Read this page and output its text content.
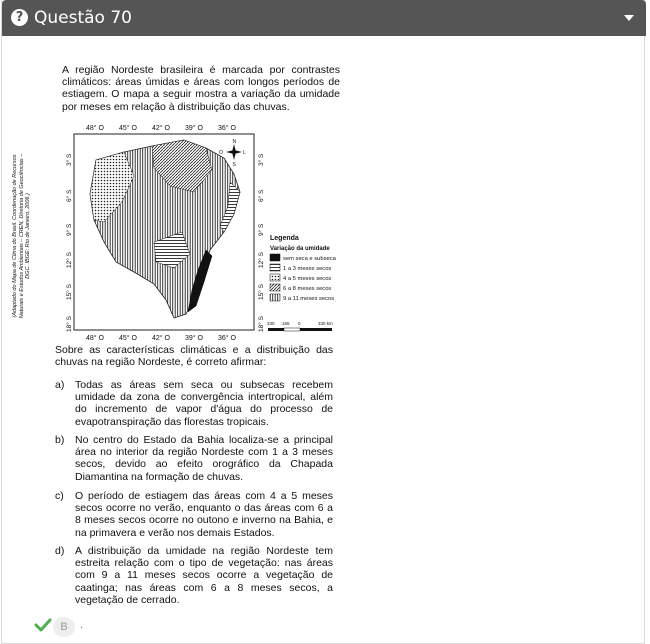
? Questão 70
A região Nordeste brasileira é marcada por contrastes climáticos: áreas úmidas e áreas com longos períodos de estiagem. O mapa a seguir mostra a variação da umidade por meses em relação à distribuição das chuvas.
48° O 45° O 42° O 39° O 36° O
48° O 45° O 42° O 39° O 36° O
3° S
6° S
9° S
12° S
15° S
18° S
3° S
6° S
9° S
12° S
15° S
18° S
(Adaptado do Mapa de Clima do Brasil. Coordenação de Recursos Naturais e Estudos Ambientais – CREN, Diretoria de Geociências – DGC. IBGE: Rio de Janeiro, 2006.)
N
S
L
O
Legenda
Variação da umidade
sem seca e subseca
1 a 3 meses secos
4 a 5 meses secos
6 a 8 meses secos
9 a 11 meses secos
330 165 0	330 km
Sobre as características climáticas e a distribuição das chuvas na região Nordeste, é correto afirmar:
a) Todas as áreas sem seca ou subsecas recebem umidade da zona de convergência intertropical, além do incremento de vapor d'água do processo de evapotranspiração das florestas tropicais.
b) No centro do Estado da Bahia localiza-se a principal área no interior da região Nordeste com 1 a 3 meses secos, devido ao efeito orográfico da Chapada Diamantina na formação de chuvas.
c) O período de estiagem das áreas com 4 a 5 meses secos ocorre no verão, enquanto o das áreas com 6 a 8 meses secos ocorre no outono e inverno na Bahia, e na primavera e verão nos demais Estados.
d) A distribuição da umidade na região Nordeste tem estreita relação com o tipo de vegetação: nas áreas com 9 a 11 meses secos ocorre a vegetação de caatinga; nas áreas com 6 a 8 meses secos, a vegetação de cerrado.
B	.
